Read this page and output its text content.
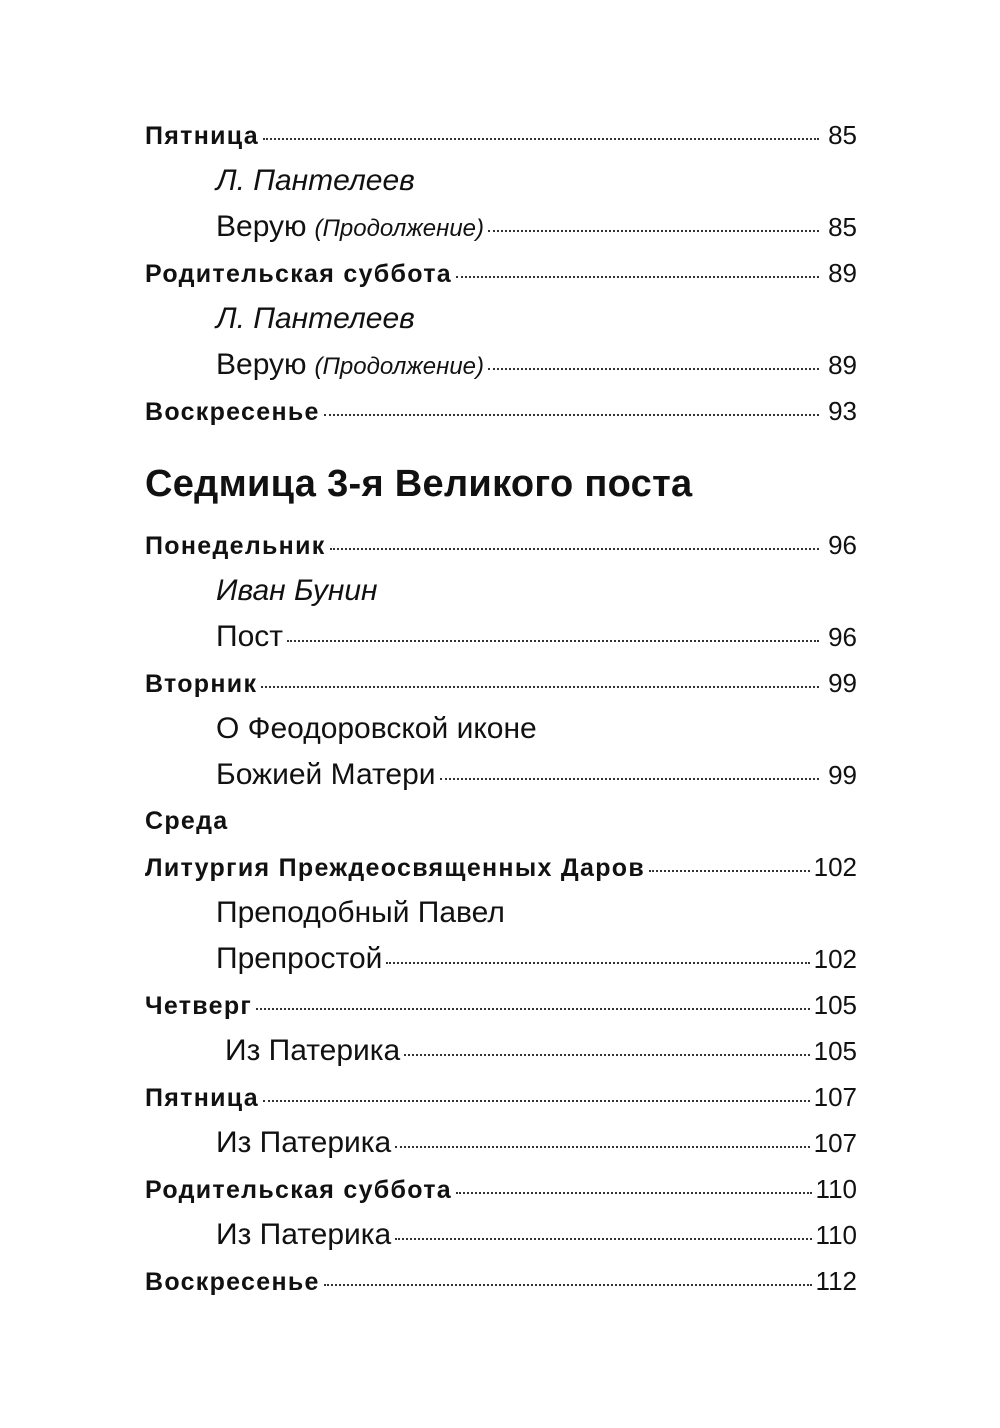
Пятница	85
Л. Пантелеев
Верую (Продолжение)	85
Родительская суббота	89
Л. Пантелеев
Верую (Продолжение)	89
Воскресенье	93
Седмица 3-я Великого поста
Понедельник	96
Иван Бунин
Пост	96
Вторник	99
О Феодоровской иконе
Божией Матери	99
Среда
Литургия Преждеосвященных Даров	102
Преподобный Павел
Препростой	102
Четверг	105
Из Патерика	105
Пятница	107
Из Патерика	107
Родительская суббота	110
Из Патерика	110
Воскресенье	112
